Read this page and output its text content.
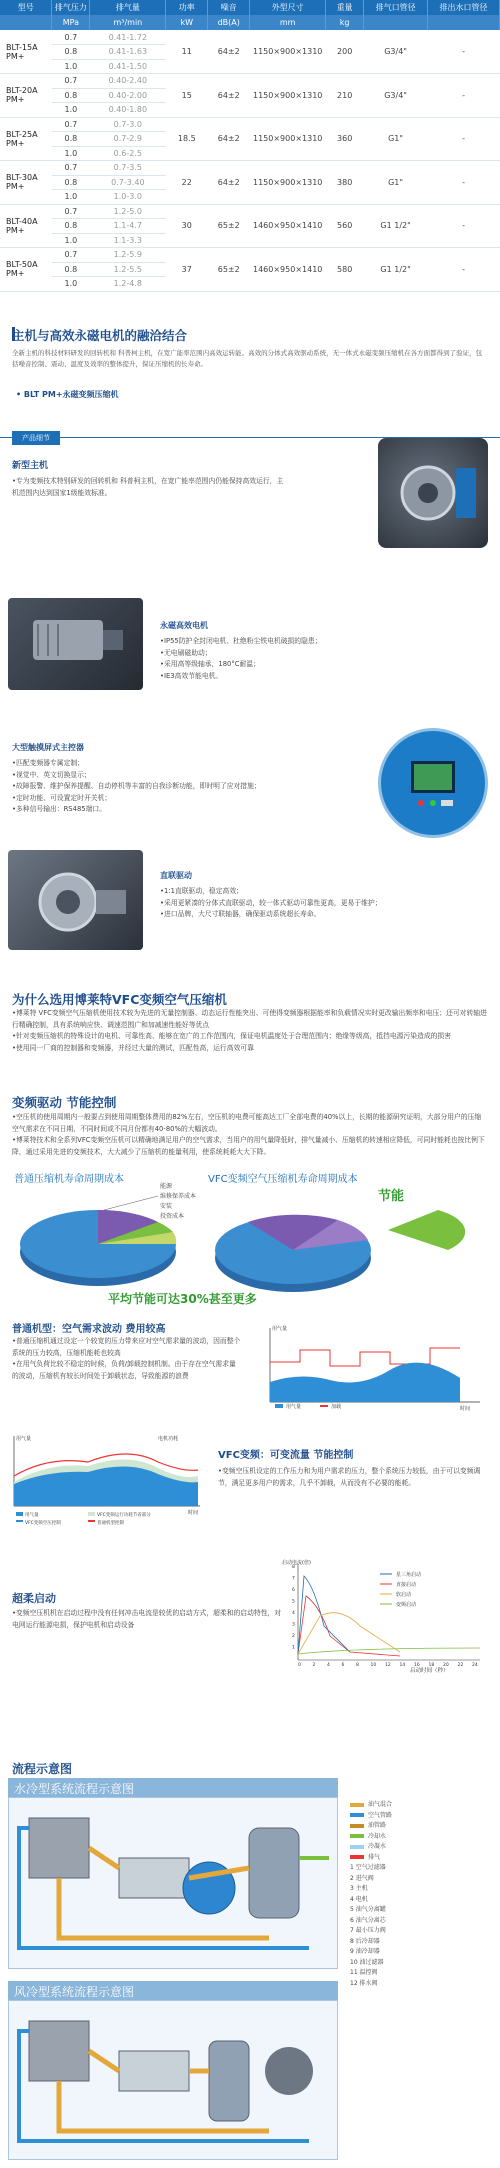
型号	排气压力	排气量	功率	噪音	外型尺寸	重量	排气口管径	排出水口管径
	MPa	m³/min	kW	dB(A)	mm	kg		
BLT-15A PM+	0.7	0.41-1.72	11	64±2	1150×900×1310	200	G3/4"	-
	0.8	0.41-1.63						
	1.0	0.41-1.50						
BLT-20A PM+	0.7	0.40-2.40	15	64±2	1150×900×1310	210	G3/4"	-
	0.8	0.40-2.00						
	1.0	0.40-1.80						
BLT-25A PM+	0.7	0.7-3.0	18.5	64±2	1150×900×1310	360	G1"	-
	0.8	0.7-2.9						
	1.0	0.6-2.5						
BLT-30A PM+	0.7	0.7-3.5	22	64±2	1150×900×1310	380	G1"	-
	0.8	0.7-3.40						
	1.0	1.0-3.0						
BLT-40A PM+	0.7	1.2-5.0	30	65±2	1460×950×1410	560	G1 1/2"	-
	0.8	1.1-4.7						
	1.0	1.1-3.3						
BLT-50A PM+	0.7	1.2-5.9	37	65±2	1460×950×1410	580	G1 1/2"	-
	0.8	1.2-5.5						
	1.0	1.2-4.8						
主机与高效永磁电机的融洽结合
全新主机的科技材料研发的回转机和 科普柯主机，在宽广能率范围内高效运转能。高效的分体式高效驱动系统，无一体式永磁变频压缩机在各方面都得到了验证，包括噪音控制、震动、温度及效率的整体提升，保证压缩机的长寿命。
• BLT PM+永磁变频压缩机
产品细节
新型主机
•专为变频技术特别研发的回转机和 科普柯主机，在宽广能率范围内仍能保持高效运行，主
机范围内达到国家1级能效标准。
永磁高效电机
•IP55防护全封闭电机、杜绝粉尘铁电机破损的隐患；
•无电刷磁助动；
•采用高等级轴承，180°C耐温；
•IE3高效节能电机。
大型触摸屏式主控器
•匹配变频器专属定制；
•视觉中、英文切换显示；
•故障报警、维护保养提醒、自动停机等丰富的自我诊断功能，即时明了应对措施；
•定时功能、可设置定时开关机；
•多种信号输出：RS485端口。
直联驱动
•1:1直联驱动，稳定高效；
•采用更紧凑的分体式直联驱动，较一体式驱动可靠性更高，更易于维护；
•进口品牌，大尺寸联轴器，确保驱动系统超长寿命。
为什么选用博莱特VFC变频空气压缩机
•博莱特 VFC变频空气压缩机使用技术较为先进的无量控制器、动态运行性能突出、可使得变频器根据能率和负载情况实时更改输出频率和电压；还可对转轴进行精确控制，具有系统响应快、调速范围广和加减速性能好等优点
•针对变频压缩机的特殊设计的电机、可靠性高、能够在宽广的工作范围内，保证电机温度处于合理范围内；绝缘等级高，抵挡电源污染造成的损害
•使用同一厂商的控制器和变频器，并经过大量的测试，匹配性高，运行高效可靠
变频驱动 节能控制
•空压机的使用周期内一般要占到使用周期整体费用的82%左右，空压机的电费可能高达工厂全部电费的40%以上，长期的能源研究证明，大部分用户的压缩空气需求在不同日期、不同时间或不同月份都有40-80%的大幅波动。
•博莱特技术和全系列VFC变频空压机可以精确地满足用户的空气需求，当用户的用气量降低时，排气量减小、压缩机的转速相应降低，可同时能耗也按比例下降，通过采用先进的变频技术，大大减少了压缩机的能量利用，使系统耗耗大大下降。
普通压缩机寿命周期成本	VFC变频空气压缩机寿命周期成本
维修保养成本
安装
投资成本
能源
节能
平均节能可达30%甚至更多
普通机型：空气需求波动 费用较高
•普通压缩机通过设定一个较宽的压力带来应对空气需求量的波动，因而整个系统的压力较高，压缩机能耗也较高
•在用气负荷比较不稳定的时候，负荷/卸载控制机制。由于存在空气需求量的波动，压缩机有较长时间处于卸载状态，导致能源的浪费
用气量
时间
用气量	加载
用气量	电机功耗
时间
用气量	VFC变频运行功耗节省部分
VFC变频空压控制	普通机型控制
VFC变频：可变流量 节能控制
•变频空压机设定的工作压力和为用户需求的压力，整个系统压力较低，由于可以变频调节，满足更多用户的需求，几乎不卸载，从而没有不必要的能耗。
超柔启动
•变频空压机机在启动过程中没有任何冲击电流是较优的启动方式，超柔和的启动特性，对电网运行能源电损，保护电机和启动设备
启动电流(倍)
启动时间（秒）
0	2	4	6	8	10 12 14 16 18 20 22 24
1
2
3
4
5
6
7
8
星三角启动
直接启动
软启动
变频启动
流程示意图
水冷型系统流程示意图
风冷型系统流程示意图
油气混合
空气管路
油管路
冷却水
冷凝水
排气
1 空气过滤器
2 进气阀
3 主机
4 电机
5 油气分离罐
6 油气分离芯
7 最小压力阀
8 后冷却器
9 油冷却器
10 油过滤器
11 温控阀
12 排水阀
